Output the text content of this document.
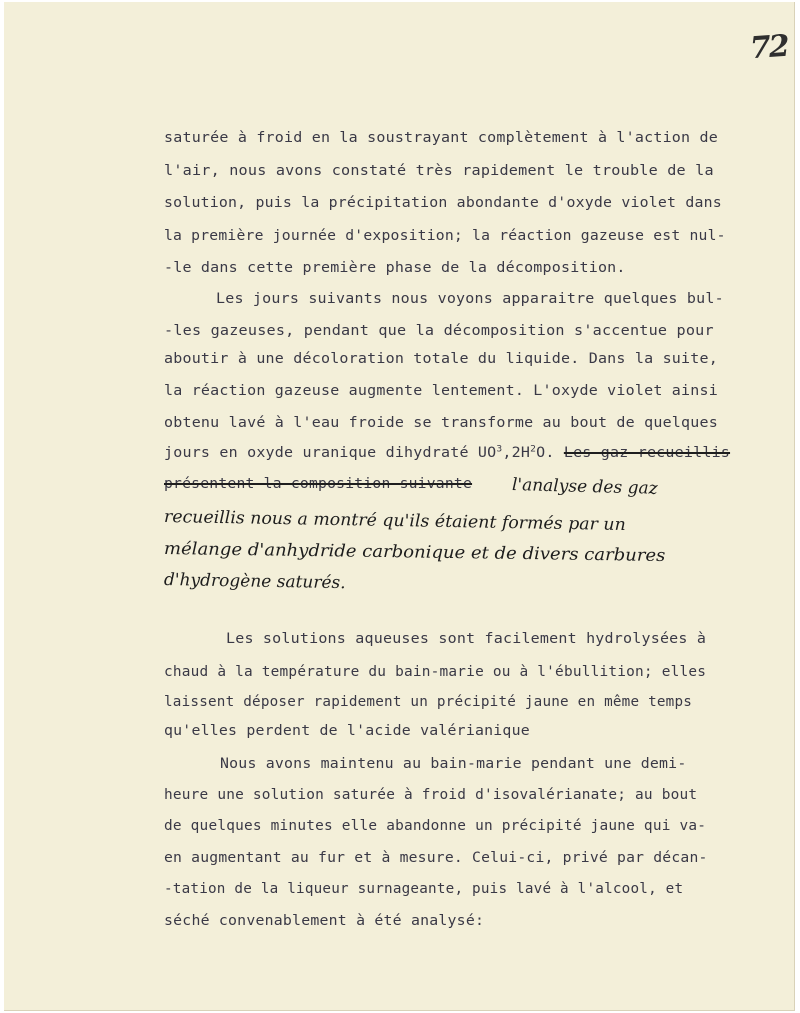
72
saturée à froid en la soustrayant complètement à l'action de
l'air, nous avons constaté très rapidement le trouble de la
solution, puis la précipitation abondante d'oxyde violet dans
la première journée d'exposition; la réaction gazeuse est nul-
-le dans cette première phase de la décomposition.
Les jours suivants nous voyons apparaitre quelques bul-
-les gazeuses, pendant que la décomposition s'accentue pour
aboutir à une décoloration totale du liquide. Dans la suite,
la réaction gazeuse augmente lentement. L'oxyde violet ainsi
obtenu lavé à l'eau froide se transforme au bout de quelques
jours en oxyde uranique dihydraté $UO^3,2H^2O$. Les gaz recueillis
présentent la composition suivante l'analyse des gaz
recueillis nous a montré qu'ils étaient formés par un
mélange d'anhydride carbonique et de divers carbures
d'hydrogène saturés.
Les solutions aqueuses sont facilement hydrolysées à
chaud à la température du bain-marie ou à l'ébullition; elles
laissent déposer rapidement un précipité jaune en même temps
qu'elles perdent de l'acide valérianique
Nous avons maintenu au bain-marie pendant une demi-
heure une solution saturée à froid d'isovalérianate; au bout
de quelques minutes elle abandonne un précipité jaune qui va-
en augmentant au fur et à mesure. Celui-ci, privé par décan-
-tation de la liqueur surnageante, puis lavé à l'alcool, et
séché convenablement à été analysé:
